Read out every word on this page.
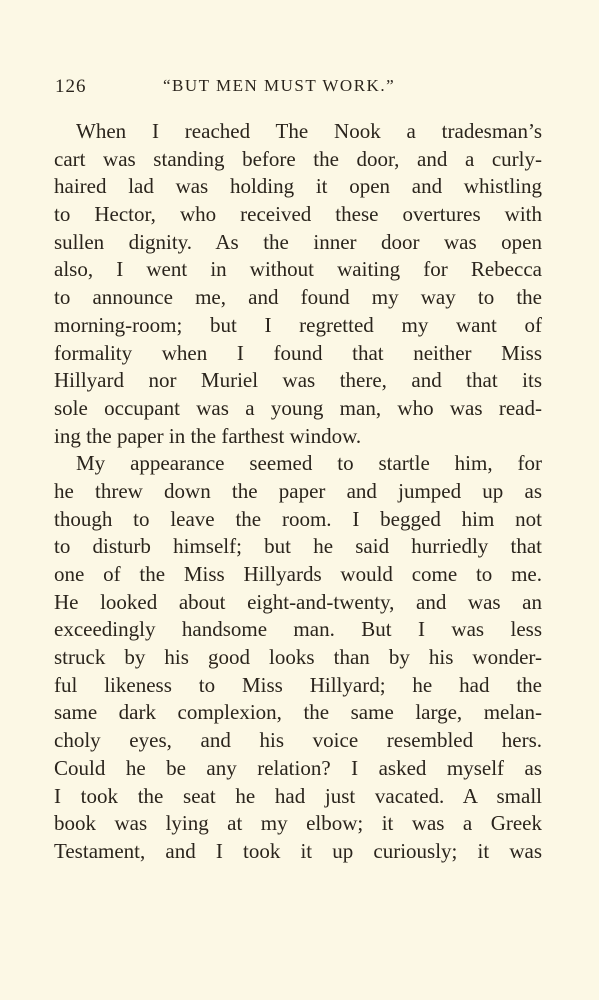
126	“BUT MEN MUST WORK.”
When I reached The Nook a tradesman’s
cart was standing before the door, and a curly-
haired lad was holding it open and whistling
to Hector, who received these overtures with
sullen dignity. As the inner door was open
also, I went in without waiting for Rebecca
to announce me, and found my way to the
morning-room; but I regretted my want of
formality when I found that neither Miss
Hillyard nor Muriel was there, and that its
sole occupant was a young man, who was read-
ing the paper in the farthest window.
My appearance seemed to startle him, for
he threw down the paper and jumped up as
though to leave the room. I begged him not
to disturb himself; but he said hurriedly that
one of the Miss Hillyards would come to me.
He looked about eight-and-twenty, and was an
exceedingly handsome man. But I was less
struck by his good looks than by his wonder-
ful likeness to Miss Hillyard; he had the
same dark complexion, the same large, melan-
choly eyes, and his voice resembled hers.
Could he be any relation? I asked myself as
I took the seat he had just vacated. A small
book was lying at my elbow; it was a Greek
Testament, and I took it up curiously; it was
